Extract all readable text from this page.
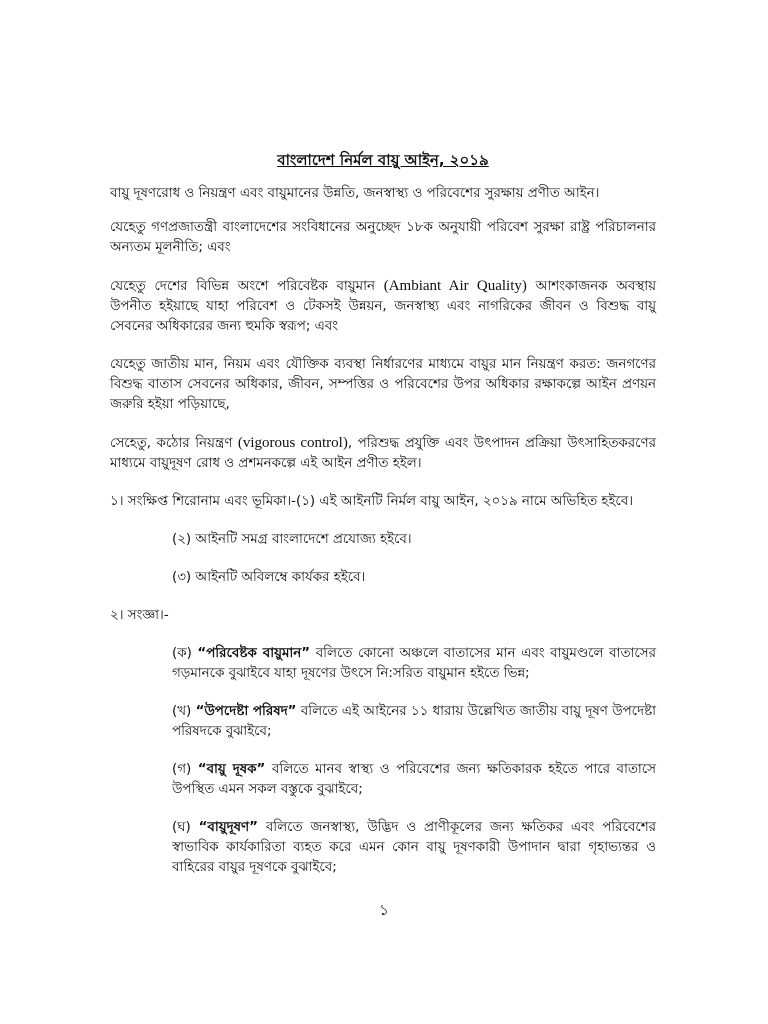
বাংলাদেশ নির্মল বায়ু আইন, ২০১৯

বায়ু দূষণরোধ ও নিয়ন্ত্রণ এবং বায়ুমানের উন্নতি, জনস্বাস্থ্য ও পরিবেশের সুরক্ষায় প্রণীত আইন।

যেহেতু গণপ্রজাতন্ত্রী বাংলাদেশের সংবিধানের অনুচ্ছেদ ১৮ক অনুযায়ী পরিবেশ সুরক্ষা রাষ্ট্র পরিচালনার অন্যতম মূলনীতি; এবং

যেহেতু দেশের বিভিন্ন অংশে পরিবেষ্টক বায়ুমান (Ambiant Air Quality) আশংকাজনক অবস্থায় উপনীত হইয়াছে যাহা পরিবেশ ও টেকসই উন্নয়ন, জনস্বাস্থ্য এবং নাগরিকের জীবন ও বিশুদ্ধ বায়ু সেবনের অধিকারের জন্য হুমকি স্বরূপ; এবং

যেহেতু জাতীয় মান, নিয়ম এবং যৌক্তিক ব্যবস্থা নির্ধারণের মাধ্যমে বায়ুর মান নিয়ন্ত্রণ করত: জনগণের বিশুদ্ধ বাতাস সেবনের অধিকার, জীবন, সম্পত্তির ও পরিবেশের উপর অধিকার রক্ষাকল্পে আইন প্রণয়ন জরুরি হইয়া পড়িয়াছে,

সেহেতু, কঠোর নিয়ন্ত্রণ (vigorous control), পরিশুদ্ধ প্রযুক্তি এবং উৎপাদন প্রক্রিয়া উৎসাহিতকরণের মাধ্যমে বায়ুদূষণ রোধ ও প্রশমনকল্পে এই আইন প্রণীত হইল।

১। সংক্ষিপ্ত শিরোনাম এবং ভূমিকা।-(১) এই আইনটি নির্মল বায়ু আইন, ২০১৯ নামে অভিহিত হইবে।

(২) আইনটি সমগ্র বাংলাদেশে প্রযোজ্য হইবে।

(৩) আইনটি অবিলম্বে কার্যকর হইবে।

২। সংজ্ঞা।-

(ক) “পরিবেষ্টক বায়ুমান” বলিতে কোনো অঞ্চলে বাতাসের মান এবং বায়ুমণ্ডলে বাতাসের গড়মানকে বুঝাইবে যাহা দূষণের উৎসে নি:সরিত বায়ুমান হইতে ভিন্ন;

(খ) “উপদেষ্টা পরিষদ” বলিতে এই আইনের ১১ ধারায় উল্লেখিত জাতীয় বায়ু দূষণ উপদেষ্টা পরিষদকে বুঝাইবে;

(গ) “বায়ু দূষক” বলিতে মানব স্বাস্থ্য ও পরিবেশের জন্য ক্ষতিকারক হইতে পারে বাতাসে উপস্থিত এমন সকল বস্তুকে বুঝাইবে;

(ঘ) “বায়ুদূষণ” বলিতে জনস্বাস্থ্য, উদ্ভিদ ও প্রাণীকূলের জন্য ক্ষতিকর এবং পরিবেশের স্বাভাবিক কার্যকারিতা ব্যহত করে এমন কোন বায়ু দূষণকারী উপাদান দ্বারা গৃহাভ্যন্তর ও বাহিরের বায়ুর দূষণকে বুঝাইবে;

১
